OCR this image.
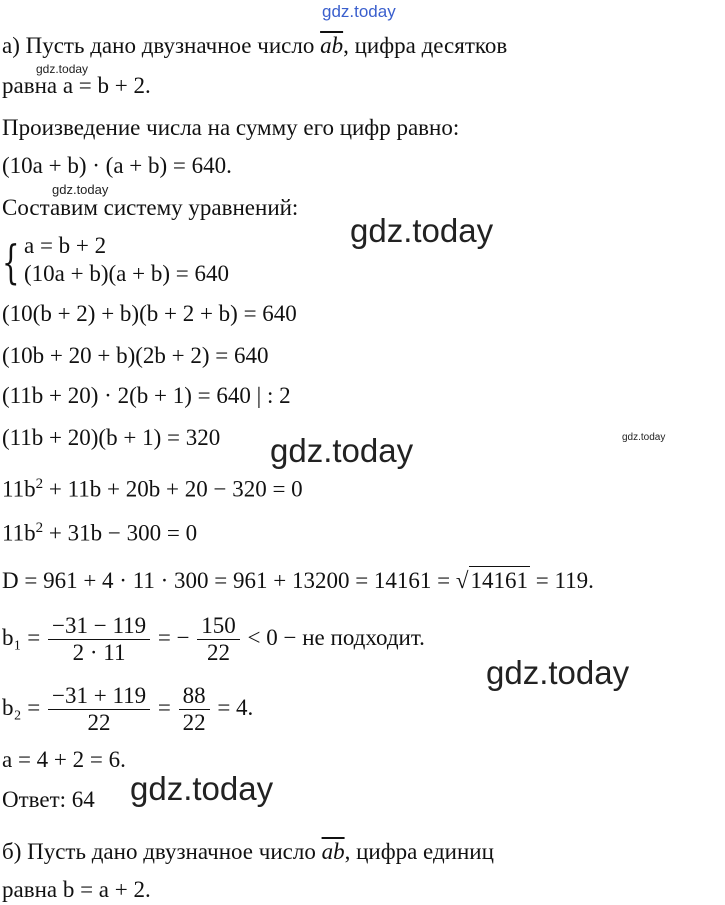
gdz.today
gdz.today
gdz.today
gdz.today
gdz.today
gdz.today
gdz.today
gdz.today
а) Пусть дано двузначное число $\overline{ab}$, цифра десятков
равна a = b + 2.
Произведение числа на сумму его цифр равно:
(10a + b) · (a + b) = 640.
Составим систему уравнений:
{ a = b + 2
(10a + b)(a + b) = 640
(10(b + 2) + b)(b + 2 + b) = 640
(10b + 20 + b)(2b + 2) = 640
(11b + 20) · 2(b + 1) = 640 | : 2
(11b + 20)(b + 1) = 320
$11b^2 + 11b + 20b + 20 - 320 = 0$
$11b^2 + 31b - 300 = 0$
D = 961 + 4 · 11 · 300 = 961 + 13200 = 14161 = √14161 = 119.
$b_1 = \frac{-31 - 119}{2 \cdot 11}$ = − $\frac{150}{22} < 0$ − не подходит.
$b_2 = \frac{-31 + 119}{22} = \frac{88}{22} = 4$.
a = 4 + 2 = 6.
Ответ: 64
б) Пусть дано двузначное число $\overline{ab}$, цифра единиц
равна b = a + 2.
